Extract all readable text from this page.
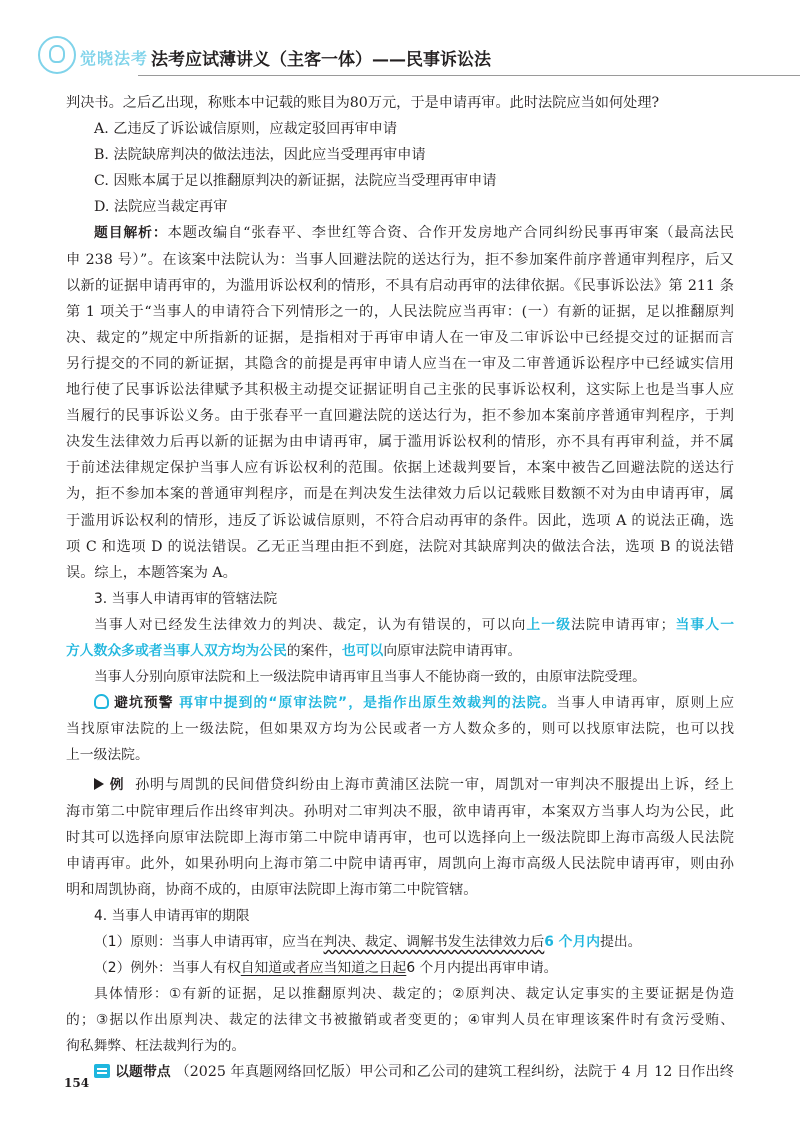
觉晓法考 法考应试薄讲义（主客一体）——民事诉讼法
判决书。之后乙出现，称账本中记载的账目为80万元，于是申请再审。此时法院应当如何处理?
A. 乙违反了诉讼诚信原则，应裁定驳回再审申请
B. 法院缺席判决的做法违法，因此应当受理再审申请
C. 因账本属于足以推翻原判决的新证据，法院应当受理再审申请
D. 法院应当裁定再审
题目解析：本题改编自“张春平、李世红等合资、合作开发房地产合同纠纷民事再审案（最高法民
申 238 号）”。在该案中法院认为：当事人回避法院的送达行为，拒不参加案件前序普通审判程序，后又
以新的证据申请再审的，为滥用诉讼权利的情形，不具有启动再审的法律依据。《民事诉讼法》第 211 条
第 1 项关于“当事人的申请符合下列情形之一的，人民法院应当再审：(一）有新的证据，足以推翻原判
决、裁定的”规定中所指新的证据，是指相对于再审申请人在一审及二审诉讼中已经提交过的证据而言
另行提交的不同的新证据，其隐含的前提是再审申请人应当在一审及二审普通诉讼程序中已经诚实信用
地行使了民事诉讼法律赋予其积极主动提交证据证明自己主张的民事诉讼权利，这实际上也是当事人应
当履行的民事诉讼义务。由于张春平一直回避法院的送达行为，拒不参加本案前序普通审判程序，于判
决发生法律效力后再以新的证据为由申请再审，属于滥用诉讼权利的情形，亦不具有再审利益，并不属
于前述法律规定保护当事人应有诉讼权利的范围。依据上述裁判要旨，本案中被告乙回避法院的送达行
为，拒不参加本案的普通审判程序，而是在判决发生法律效力后以记载账目数额不对为由申请再审，属
于滥用诉讼权利的情形，违反了诉讼诚信原则，不符合启动再审的条件。因此，选项 A 的说法正确，选
项 C 和选项 D 的说法错误。乙无正当理由拒不到庭，法院对其缺席判决的做法合法，选项 B 的说法错
误。综上，本题答案为 A。
3. 当事人申请再审的管辖法院
当事人对已经发生法律效力的判决、裁定，认为有错误的，可以向上一级法院申请再审；当事人一
方人数众多或者当事人双方均为公民的案件，也可以向原审法院申请再审。
当事人分别向原审法院和上一级法院申请再审且当事人不能协商一致的，由原审法院受理。
避坑预警 再审中提到的“原审法院”，是指作出原生效裁判的法院。当事人申请再审，原则上应
当找原审法院的上一级法院，但如果双方均为公民或者一方人数众多的，则可以找原审法院，也可以找
上一级法院。
例 孙明与周凯的民间借贷纠纷由上海市黄浦区法院一审，周凯对一审判决不服提出上诉，经上
海市第二中院审理后作出终审判决。孙明对二审判决不服，欲申请再审，本案双方当事人均为公民，此
时其可以选择向原审法院即上海市第二中院申请再审，也可以选择向上一级法院即上海市高级人民法院
申请再审。此外，如果孙明向上海市第二中院申请再审，周凯向上海市高级人民法院申请再审，则由孙
明和周凯协商，协商不成的，由原审法院即上海市第二中院管辖。
4. 当事人申请再审的期限
（1）原则：当事人申请再审，应当在判决、裁定、调解书发生法律效力后6 个月内提出。
（2）例外：当事人有权自知道或者应当知道之日起6 个月内提出再审申请。
具体情形：①有新的证据，足以推翻原判决、裁定的；②原判决、裁定认定事实的主要证据是伪造
的；③据以作出原判决、裁定的法律文书被撤销或者变更的；④审判人员在审理该案件时有贪污受贿、
徇私舞弊、枉法裁判行为的。
以题带点 （2025 年真题网络回忆版）甲公司和乙公司的建筑工程纠纷，法院于 4 月 12 日作出终
154
